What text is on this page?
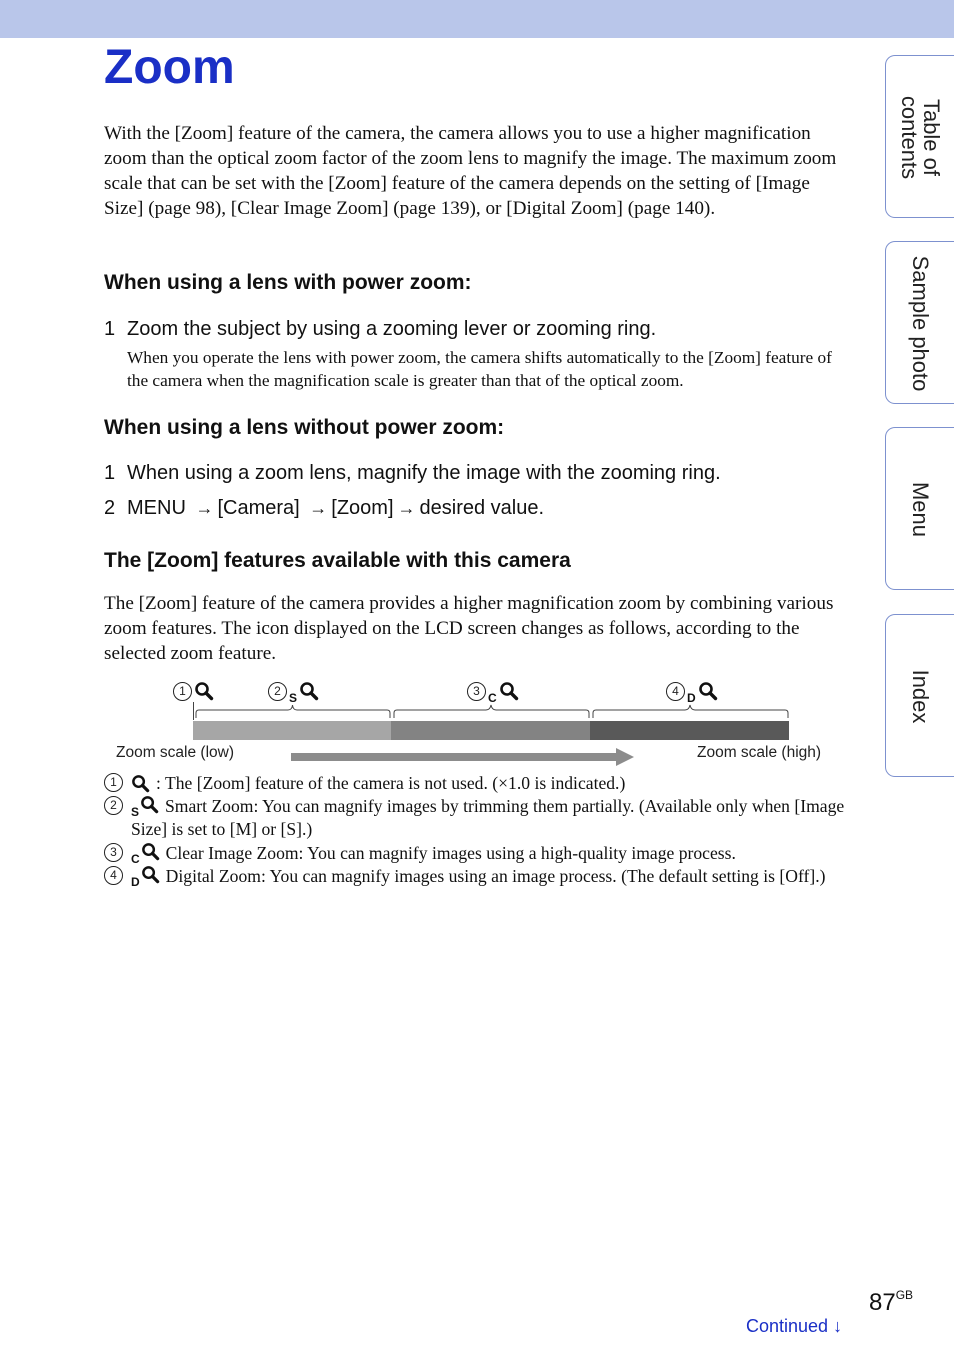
Zoom

With the [Zoom] feature of the camera, the camera allows you to use a higher magnification zoom than the optical zoom factor of the zoom lens to magnify the image. The maximum zoom scale that can be set with the [Zoom] feature of the camera depends on the setting of [Image Size] (page 98), [Clear Image Zoom] (page 139), or [Digital Zoom] (page 140).

When using a lens with power zoom:
1 Zoom the subject by using a zooming lever or zooming ring.

When you operate the lens with power zoom, the camera shifts automatically to the [Zoom] feature of the camera when the magnification scale is greater than that of the optical zoom.

When using a lens without power zoom:
1 When using a zoom lens, magnify the image with the zooming ring.
2 MENU → [Camera] → [Zoom] → desired value.
The [Zoom] features available with this camera

The [Zoom] feature of the camera provides a higher magnification zoom by combining various zoom features. The icon displayed on the LCD screen changes as follows, according to the selected zoom feature.

1	2 S	3 C	4 D
Zoom scale (low)	Zoom scale (high)
1	: The [Zoom] feature of the camera is not used. (×1.0 is indicated.)
2	S Smart Zoom: You can magnify images by trimming them partially. (Available only when [Image Size] is set to [M] or [S].)
3	C Clear Image Zoom: You can magnify images using a high-quality image process.
4	D Digital Zoom: You can magnify images using an image process. (The default setting is [Off].)
Table of
contents
Sample photo
Menu
Index
$87^{GB}$
Continued ↓
